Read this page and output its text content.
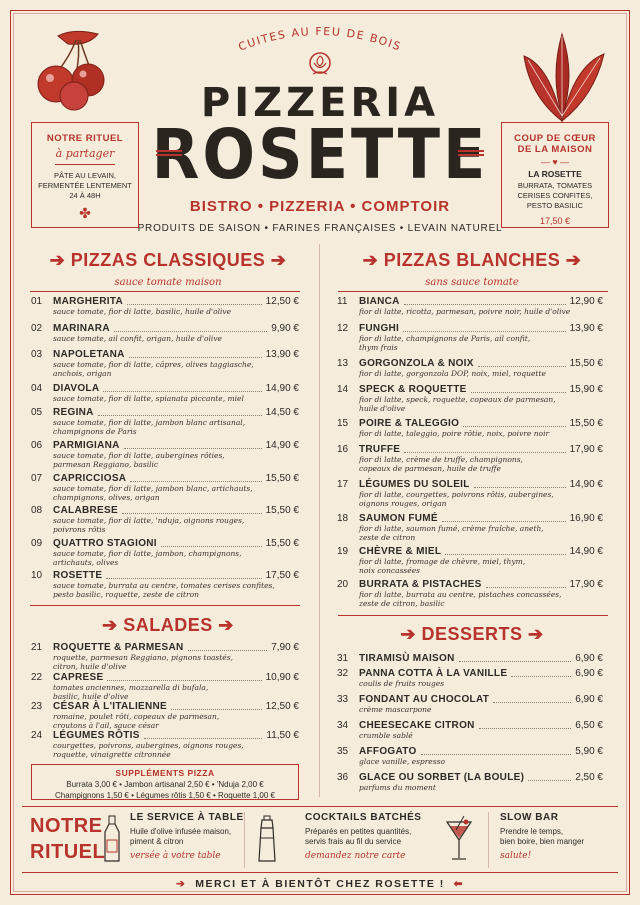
CUITES AU FEU DE BOIS
PIZZERIA
ROSETTE
BISTRO • PIZZERIA • COMPTOIR
PRODUITS DE SAISON • FARINES FRANÇAISES • LEVAIN NATUREL
NOTRE RITUEL
à partager
PÂTE AU LEVAIN,
FERMENTÉE LENTEMENT
24 À 48H
✤
COUP DE CŒUR
DE LA MAISON
— ♥ —
LA ROSETTE
BURRATA, TOMATES
CERISES CONFITES,
PESTO BASILIC
17,50 €
➔ PIZZAS CLASSIQUES ➔
sauce tomate maison
➔ PIZZAS BLANCHES ➔
sans sauce tomate
➔ SALADES ➔	➔ DESSERTS ➔
01 MARGHERITA	12,50 €
sauce tomate, fior di latte, basilic, huile d'olive
02 MARINARA	9,90 €
sauce tomate, ail confit, origan, huile d'olive
03 NAPOLETANA	13,90 €
sauce tomate, fior di latte, câpres, olives taggiasche,
anchois, origan
04 DIAVOLA	14,90 €
sauce tomate, fior di latte, spianata piccante, miel
05 REGINA	14,50 €
sauce tomate, fior di latte, jambon blanc artisanal,
champignons de Paris
06 PARMIGIANA	14,90 €
sauce tomate, fior di latte, aubergines rôties,
parmesan Reggiano, basilic
07 CAPRICCIOSA	15,50 €
sauce tomate, fior di latte, jambon blanc, artichauts,
champignons, olives, origan
08 CALABRESE	15,50 €
sauce tomate, fior di latte, 'nduja, oignons rouges,
poivrons rôtis
09 QUATTRO STAGIONI	15,50 €
sauce tomate, fior di latte, jambon, champignons,
artichauts, olives
10 ROSETTE	17,50 €
sauce tomate, burrata au centre, tomates cerises confites,
pesto basilic, roquette, zeste de citron
11 BIANCA	12,90 €
fior di latte, ricotta, parmesan, poivre noir, huile d'olive
12 FUNGHI	13,90 €
fior di latte, champignons de Paris, ail confit,
thym frais
13 GORGONZOLA & NOIX	15,50 €
fior di latte, gorgonzola DOP, noix, miel, roquette
14 SPECK & ROQUETTE	15,90 €
fior di latte, speck, roquette, copeaux de parmesan,
huile d'olive
15 POIRE & TALEGGIO	15,50 €
fior di latte, taleggio, poire rôtie, noix, poivre noir
16 TRUFFE	17,90 €
fior di latte, crème de truffe, champignons,
copeaux de parmesan, huile de truffe
17 LÉGUMES DU SOLEIL	14,90 €
fior di latte, courgettes, poivrons rôtis, aubergines,
oignons rouges, origan
18 SAUMON FUMÉ	16,90 €
fior di latte, saumon fumé, crème fraîche, aneth,
zeste de citron
19 CHÈVRE & MIEL	14,90 €
fior di latte, fromage de chèvre, miel, thym,
noix concassées
20 BURRATA & PISTACHES	17,90 €
fior di latte, burrata au centre, pistaches concassées,
zeste de citron, basilic
21 ROQUETTE & PARMESAN	7,90 €
roquette, parmesan Reggiano, pignons toastés,
citron, huile d'olive
22 CAPRESE	10,90 €
tomates anciennes, mozzarella di bufala,
basilic, huile d'olive
23 CÉSAR À L'ITALIENNE	12,50 €
romaine, poulet rôti, copeaux de parmesan,
croutons à l'ail, sauce césar
24 LÉGUMES RÔTIS	11,50 €
courgettes, poivrons, aubergines, oignons rouges,
roquette, vinaigrette citronnée
31 TIRAMISÙ MAISON	6,90 €
32 PANNA COTTA À LA VANILLE	6,90 €
coulis de fruits rouges
33 FONDANT AU CHOCOLAT	6,90 €
crème mascarpone
34 CHEESECAKE CITRON	6,50 €
crumble sablé
35 AFFOGATO	5,90 €
glace vanille, espresso
36 GLACE OU SORBET (LA BOULE)	2,50 €
parfums du moment
SUPPLÉMENTS PIZZA
Burrata 3,00 € • Jambon artisanal 2,50 € • 'Nduja 2,00 €
Champignons 1,50 € • Légumes rôtis 1,50 € • Roquette 1,00 €
NOTRE
RITUEL
LE SERVICE À TABLE
Huile d'olive infusée maison,
piment & citron
versée à votre table
COCKTAILS BATCHÉS
Préparés en petites quantités,
servis frais au fil du service
demandez notre carte
SLOW BAR
Prendre le temps,
bien boire, bien manger
salute!
➔ MERCI ET À BIENTÔT CHEZ ROSETTE ! ⬅
